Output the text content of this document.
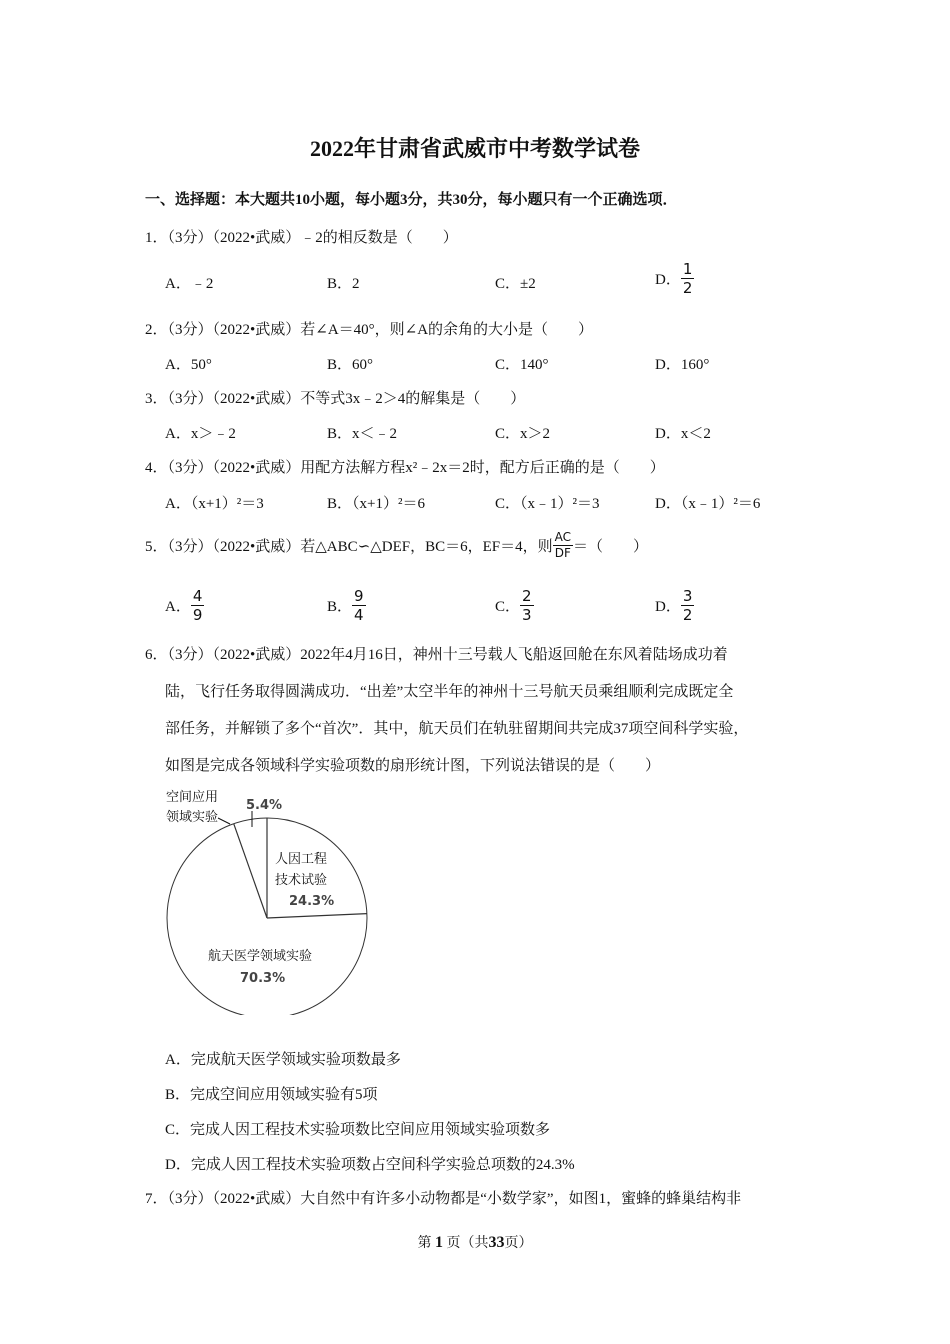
2022年甘肃省武威市中考数学试卷
一、选择题：本大题共10小题，每小题3分，共30分，每小题只有一个正确选项．
1．（3分）（2022•武威）﹣2的相反数是（　　）
A．﹣2	B．2	C．±2	D． $\frac{1}{2}$
2．（3分）（2022•武威）若∠A＝40°，则∠A的余角的大小是（　　）
A．50°	B．60°	C．140°	D．160°
3．（3分）（2022•武威）不等式3x﹣2＞4的解集是（　　）
A．x＞﹣2	B．x＜﹣2	C．x＞2	D．x＜2
4．（3分）（2022•武威）用配方法解方程x²﹣2x＝2时，配方后正确的是（　　）
A．（x+1）²＝3	B．（x+1）²＝6	C．（x﹣1）²＝3	D．（x﹣1）²＝6
5．（3分）（2022•武威）若△ABC∽△DEF，BC＝6，EF＝4，则 $\frac{AC}{DF}$ ＝（　　）
A． $\frac{4}{9}$	B． $\frac{9}{4}$	C． $\frac{2}{3}$	D． $\frac{3}{2}$
6．（3分）（2022•武威）2022年4月16日，神州十三号载人飞船返回舱在东风着陆场成功着
陆，飞行任务取得圆满成功．“出差”太空半年的神州十三号航天员乘组顺利完成既定全
部任务，并解锁了多个“首次”．其中，航天员们在轨驻留期间共完成37项空间科学实验，
如图是完成各领域科学实验项数的扇形统计图，下列说法错误的是（　　）
空间应用
领域实验
5.4%
人因工程
技术试验
24.3%
航天医学领域实验
70.3%
A．完成航天医学领域实验项数最多
B．完成空间应用领域实验有5项
C．完成人因工程技术实验项数比空间应用领域实验项数多
D．完成人因工程技术实验项数占空间科学实验总项数的24.3%
7．（3分）（2022•武威）大自然中有许多小动物都是“小数学家”，如图1，蜜蜂的蜂巢结构非
第 1 页（共33页）
